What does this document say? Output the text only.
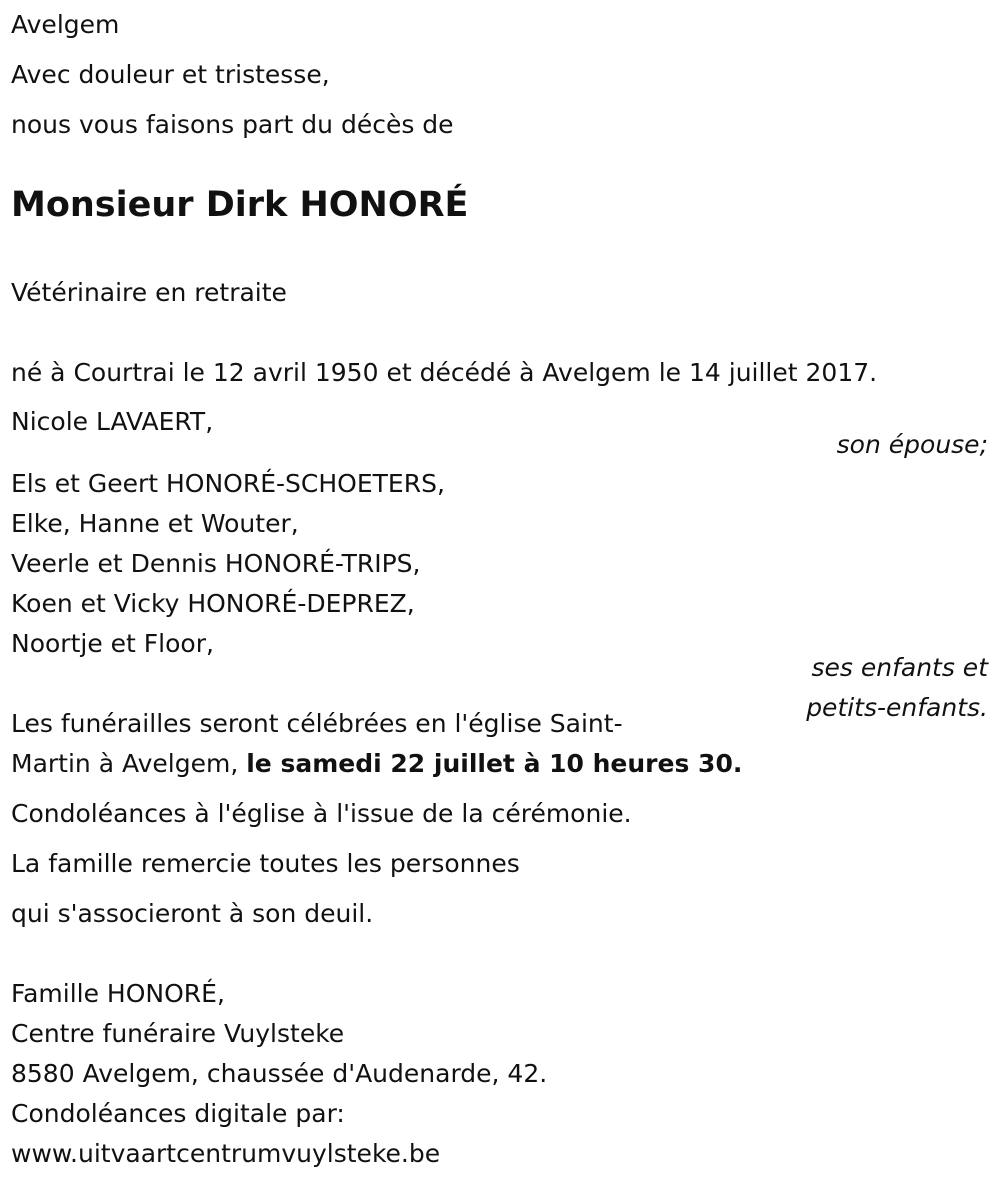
Avelgem
Avec douleur et tristesse,
nous vous faisons part du décès de
Monsieur Dirk HONORÉ
Vétérinaire en retraite
né à Courtrai le 12 avril 1950 et décédé à Avelgem le 14 juillet 2017.
Nicole LAVAERT,
son épouse;
Els et Geert HONORÉ-SCHOETERS,
Elke, Hanne et Wouter,
Veerle et Dennis HONORÉ-TRIPS,
Koen et Vicky HONORÉ-DEPREZ,
Noortje et Floor,
ses enfants et
petits-enfants.
Les funérailles seront célébrées en l'église Saint-
Martin à Avelgem, le samedi 22 juillet à 10 heures 30.
Condoléances à l'église à l'issue de la cérémonie.
La famille remercie toutes les personnes
qui s'associeront à son deuil.
Famille HONORÉ,
Centre funéraire Vuylsteke
8580 Avelgem, chaussée d'Audenarde, 42.
Condoléances digitale par:
www.uitvaartcentrumvuylsteke.be
